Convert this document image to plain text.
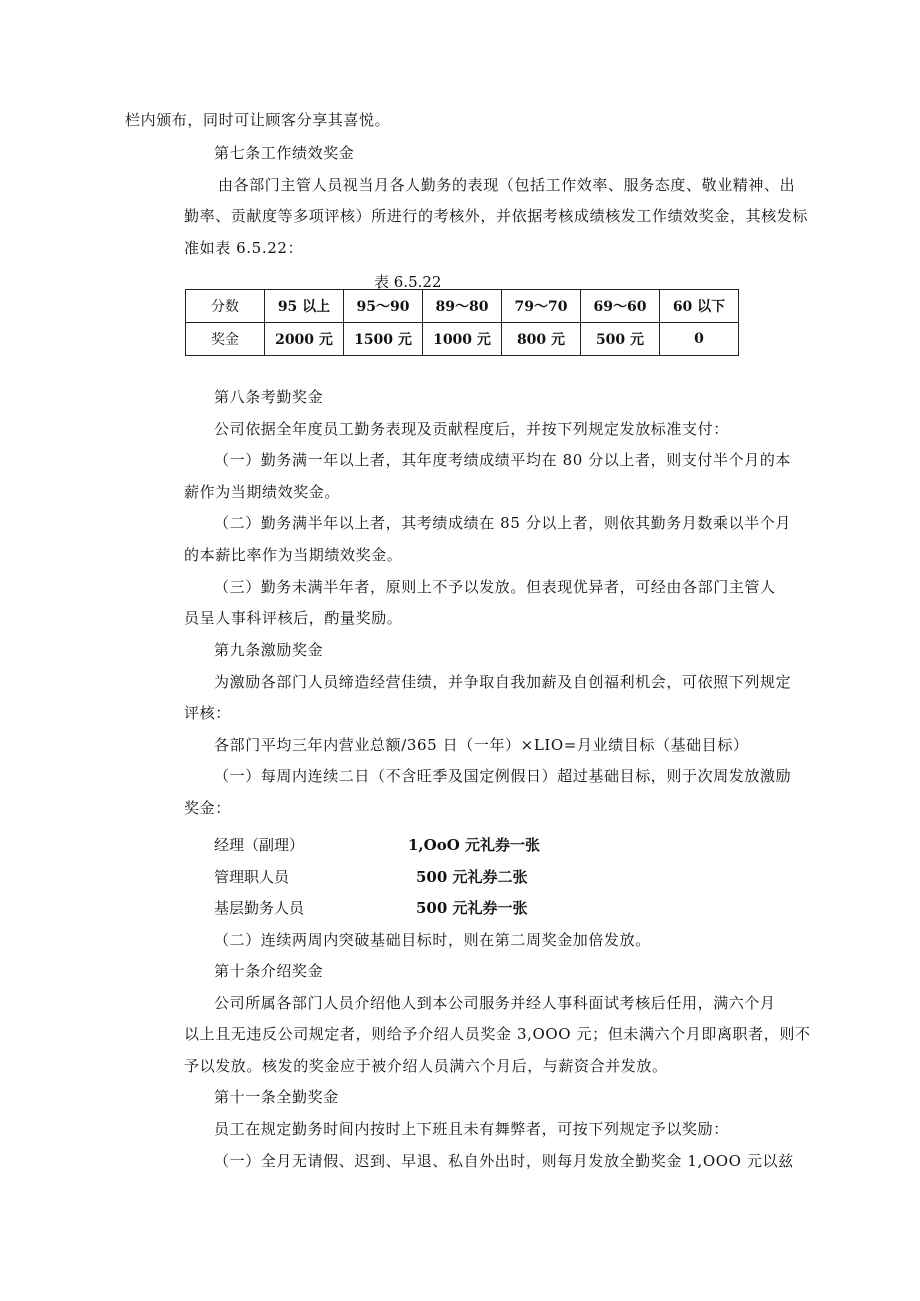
栏内颁布，同时可让顾客分享其喜悦。
第七条工作绩效奖金
由各部门主管人员视当月各人勤务的表现（包括工作效率、服务态度、敬业精神、出
勤率、贡献度等多项评核）所进行的考核外，并依据考核成绩核发工作绩效奖金，其核发标
准如表 6.5.22：
表 6.5.22
分数	95 以上	95～90	89～80	79～70	69～60	60 以下
奖金	2000 元	1500 元	1000 元	800 元	500 元	0
第八条考勤奖金
公司依据全年度员工勤务表现及贡献程度后，并按下列规定发放标准支付：
（一）勤务满一年以上者，其年度考绩成绩平均在 80 分以上者，则支付半个月的本
薪作为当期绩效奖金。
（二）勤务满半年以上者，其考绩成绩在 85 分以上者，则依其勤务月数乘以半个月
的本薪比率作为当期绩效奖金。
（三）勤务未满半年者，原则上不予以发放。但表现优异者，可经由各部门主管人
员呈人事科评核后，酌量奖励。
第九条激励奖金
为激励各部门人员缔造经营佳绩，并争取自我加薪及自创福利机会，可依照下列规定
评核：
各部门平均三年内营业总额/365 日（一年）×LIO=月业绩目标（基础目标）
（一）每周内连续二日（不含旺季及国定例假日）超过基础目标，则于次周发放激励
奖金：
经理（副理）	1,OoO 元礼券一张
管理职人员	500 元礼券二张
基层勤务人员	500 元礼券一张
（二）连续两周内突破基础目标时，则在第二周奖金加倍发放。
第十条介绍奖金
公司所属各部门人员介绍他人到本公司服务并经人事科面试考核后任用，满六个月
以上且无违反公司规定者，则给予介绍人员奖金 3,OOO 元；但未满六个月即离职者，则不
予以发放。核发的奖金应于被介绍人员满六个月后，与薪资合并发放。
第十一条全勤奖金
员工在规定勤务时间内按时上下班且未有舞弊者，可按下列规定予以奖励：
（一）全月无请假、迟到、早退、私自外出时，则每月发放全勤奖金 1,OOO 元以兹
